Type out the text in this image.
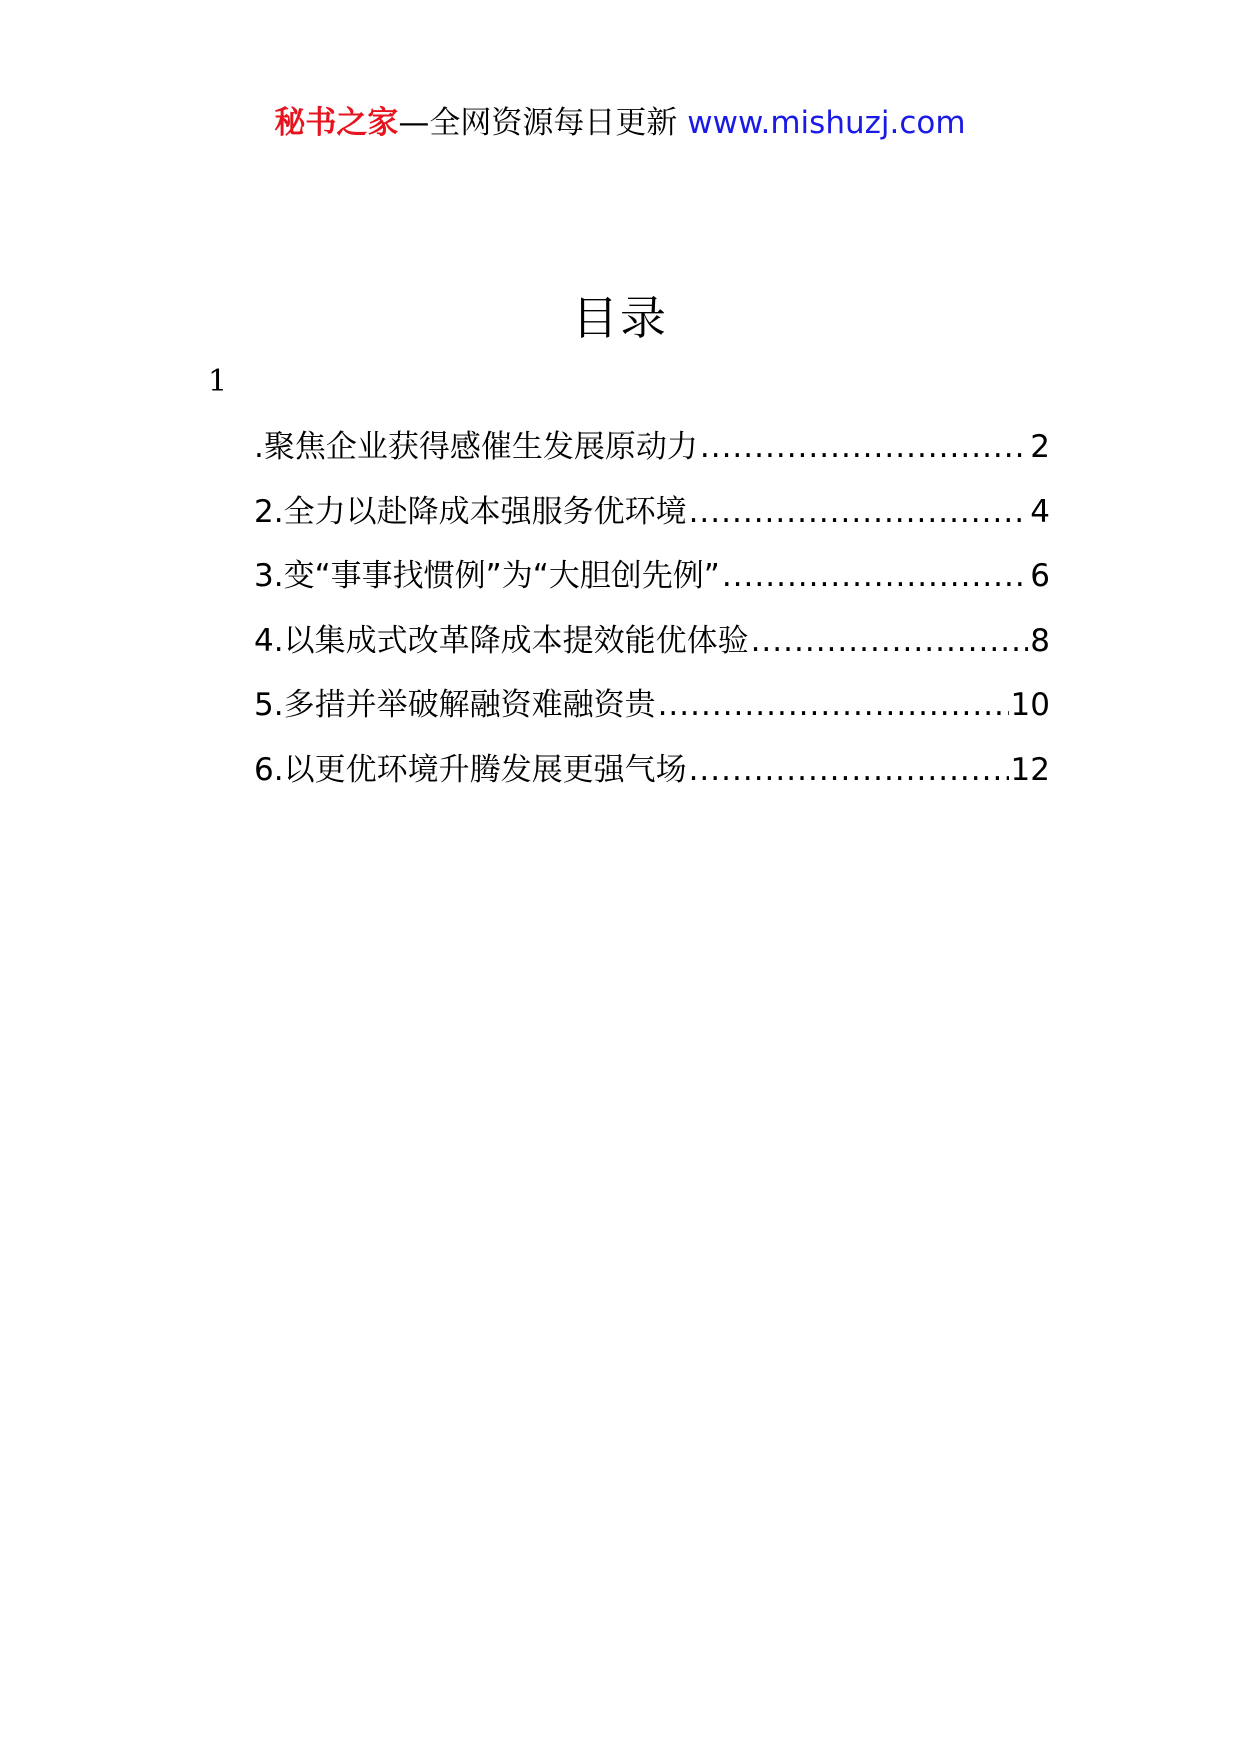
秘书之家—全网资源每日更新 www.mishuzj.com
目录
1
.聚焦企业获得感催生发展原动力 .....	2
2.全力以赴降成本强服务优环境 .....	4
3.变“事事找惯例”为“大胆创先例” .....	6
4.以集成式改革降成本提效能优体验 .....	8
5.多措并举破解融资难融资贵 .....	10
6.以更优环境升腾发展更强气场 .....	12
